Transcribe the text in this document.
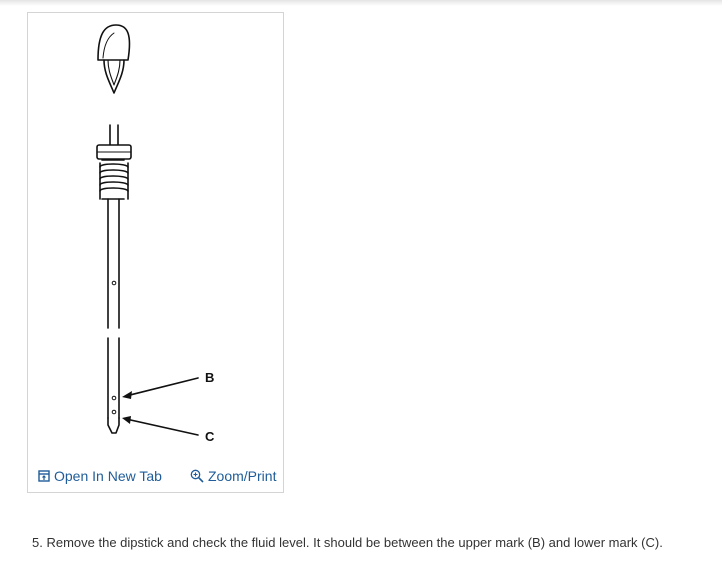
B
C
Open In New Tab	Zoom/Print
5. Remove the dipstick and check the fluid level. It should be between the upper mark (B) and lower mark (C).
